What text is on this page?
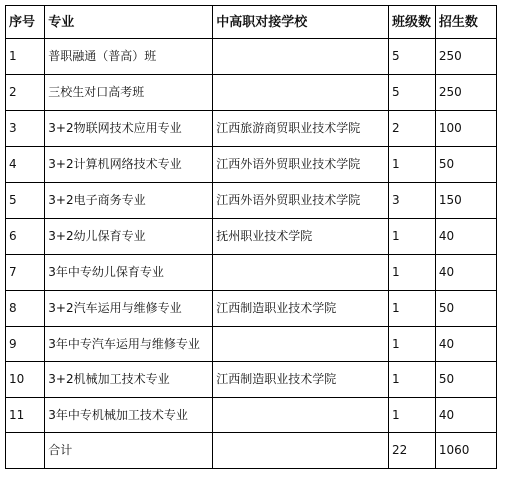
序号	专业	中高职对接学校	班级数	招生数
1	普职融通（普高）班		5	250
2	三校生对口高考班		5	250
3	3+2物联网技术应用专业	江西旅游商贸职业技术学院	2	100
4	3+2计算机网络技术专业	江西外语外贸职业技术学院	1	50
5	3+2电子商务专业	江西外语外贸职业技术学院	3	150
6	3+2幼儿保育专业	抚州职业技术学院	1	40
7	3年中专幼儿保育专业		1	40
8	3+2汽车运用与维修专业	江西制造职业技术学院	1	50
9	3年中专汽车运用与维修专业		1	40
10	3+2机械加工技术专业	江西制造职业技术学院	1	50
11	3年中专机械加工技术专业		1	40
	合计		22	1060
